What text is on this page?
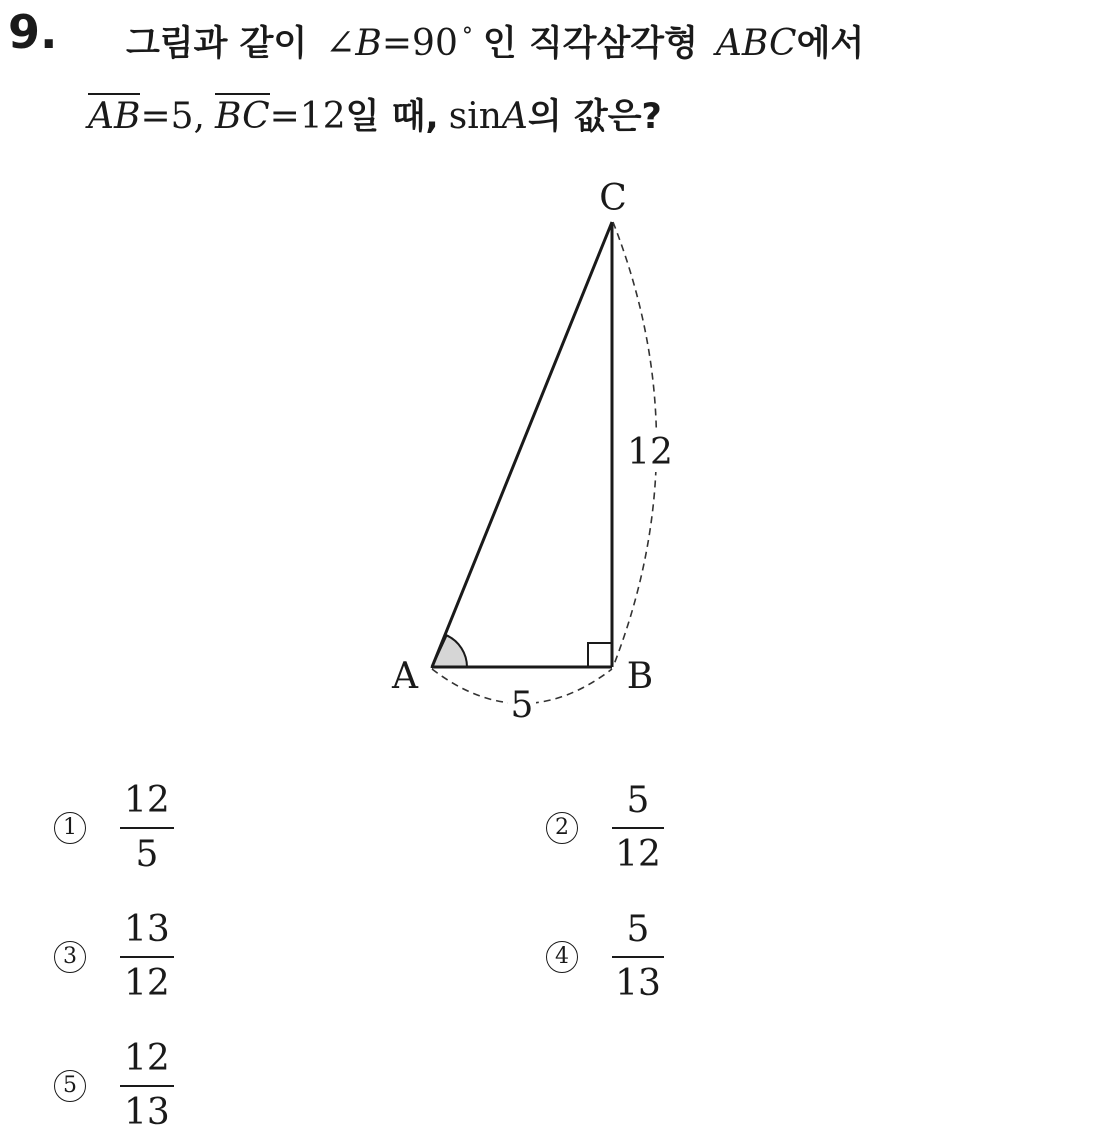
9. 그림과 같이 ∠B=90 ° 인 직각삼각형 ABC에서
AB=5, BC=12일 때, sinA의 값은?
C
A	B
12
5
$1 \frac{12}{5}$	$2 \frac{5}{12}$
$3 \frac{13}{12}$	$4 \frac{5}{13}$
$5 \frac{12}{13}$
